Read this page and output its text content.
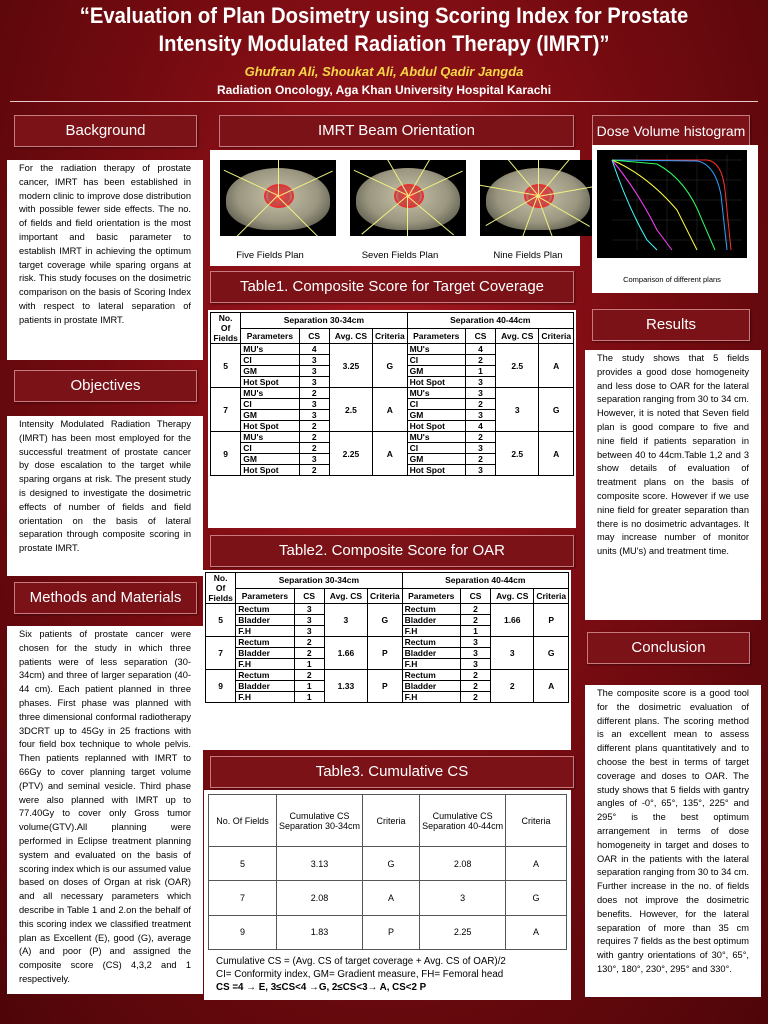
“Evaluation of Plan Dosimetry using Scoring Index for Prostate
Intensity Modulated Radiation Therapy (IMRT)”
Ghufran Ali, Shoukat Ali, Abdul Qadir Jangda
Radiation Oncology, Aga Khan University Hospital Karachi
Background
For the radiation therapy of prostate cancer, IMRT has been established in modern clinic to improve dose distribution with possible fewer side effects. The no. of fields and field orientation is the most important and basic parameter to establish IMRT in achieving the optimum target coverage while sparing organs at risk. This study focuses on the dosimetric comparison on the basis of Scoring Index with respect to lateral separation of patients in prostate IMRT.
Objectives
Intensity Modulated Radiation Therapy (IMRT) has been most employed for the successful treatment of prostate cancer by dose escalation to the target while sparing organs at risk. The present study is designed to investigate the dosimetric effects of number of fields and field orientation on the basis of lateral separation through composite scoring in prostate IMRT.
Methods and Materials
Six patients of prostate cancer were chosen for the study in which three patients were of less separation (30-34cm) and three of larger separation (40-44 cm). Each patient planned in three phases. First phase was planned with three dimensional conformal radiotherapy 3DCRT up to 45Gy in 25 fractions with four field box technique to whole pelvis. Then patients replanned with IMRT to 66Gy to cover planning target volume (PTV) and seminal vesicle. Third phase were also planned with IMRT up to 77.40Gy to cover only Gross tumor volume(GTV).All planning were performed in Eclipse treatment planning system and evaluated on the basis of scoring index which is our assumed value based on doses of Organ at risk (OAR) and all necessary parameters which describe in Table 1 and 2.on the behalf of this scoring index we classified treatment plan as Excellent (E), good (G), average (A) and poor (P) and assigned the composite score (CS) 4,3,2 and 1 respectively.
IMRT Beam Orientation
Five Fields Plan	Seven Fields Plan	Nine Fields Plan
Table1. Composite Score for Target Coverage
No. Of Fields	Separation 30-34cm				Separation 40-44cm			
	Parameters	CS	Avg. CS	Criteria	Parameters	CS	Avg. CS	Criteria
5	MU's	4	3.25	G	MU's	4	2.5	A
	CI	3			CI	2		
	GM	3			GM	1		
	Hot Spot	3			Hot Spot	3		
7	MU's	2	2.5	A	MU's	3	3	G
	CI	3			CI	2		
	GM	3			GM	3		
	Hot Spot	2			Hot Spot	4		
9	MU's	2	2.25	A	MU's	2	2.5	A
	CI	2			CI	3		
	GM	3			GM	2		
	Hot Spot	2			Hot Spot	3		
Table2. Composite Score for OAR
No. Of Fields	Separation 30-34cm				Separation 40-44cm			
	Parameters	CS	Avg. CS	Criteria	Parameters	CS	Avg. CS	Criteria
5	Rectum	3	3	G	Rectum	2	1.66	P
	Bladder	3			Bladder	2		
	F.H	3			F.H	1		
7	Rectum	2	1.66	P	Rectum	3	3	G
	Bladder	2			Bladder	3		
	F.H	1			F.H	3		
9	Rectum	2	1.33	P	Rectum	2	2	A
	Bladder	1			Bladder	2		
	F.H	1			F.H	2		
Table3. Cumulative CS
No. Of Fields	Cumulative CS Separation 30-34cm	Criteria	Cumulative CS Separation 40-44cm	Criteria
5	3.13	G	2.08	A
7	2.08	A	3	G
9	1.83	P	2.25	A
Cumulative CS = (Avg. CS of target coverage + Avg. CS of OAR)/2
CI= Conformity index, GM= Gradient measure, FH= Femoral head
CS =4 → E, 3≤CS<4 →G, 2≤CS<3→ A, CS<2 P
Dose Volume histogram
Comparison of different plans
Results
The study shows that 5 fields provides a good dose homogeneity and less dose to OAR for the lateral separation ranging from 30 to 34 cm. However, it is noted that Seven field plan is good compare to five and nine field if patients separation in between 40 to 44cm.Table 1,2 and 3 show details of evaluation of treatment plans on the basis of composite score. However if we use nine field for greater separation than there is no dosimetric advantages. It may increase number of monitor units (MU's) and treatment time.
Conclusion
The composite score is a good tool for the dosimetric evaluation of different plans. The scoring method is an excellent mean to assess different plans quantitatively and to choose the best in terms of target coverage and doses to OAR. The study shows that 5 fields with gantry angles of -0°, 65°, 135°, 225° and 295° is the best optimum arrangement in terms of dose homogeneity in target and doses to OAR in the patients with the lateral separation ranging from 30 to 34 cm. Further increase in the no. of fields does not improve the dosimetric benefits. However, for the lateral separation of more than 35 cm requires 7 fields as the best optimum with gantry orientations of 30°, 65°, 130°, 180°, 230°, 295° and 330°.
